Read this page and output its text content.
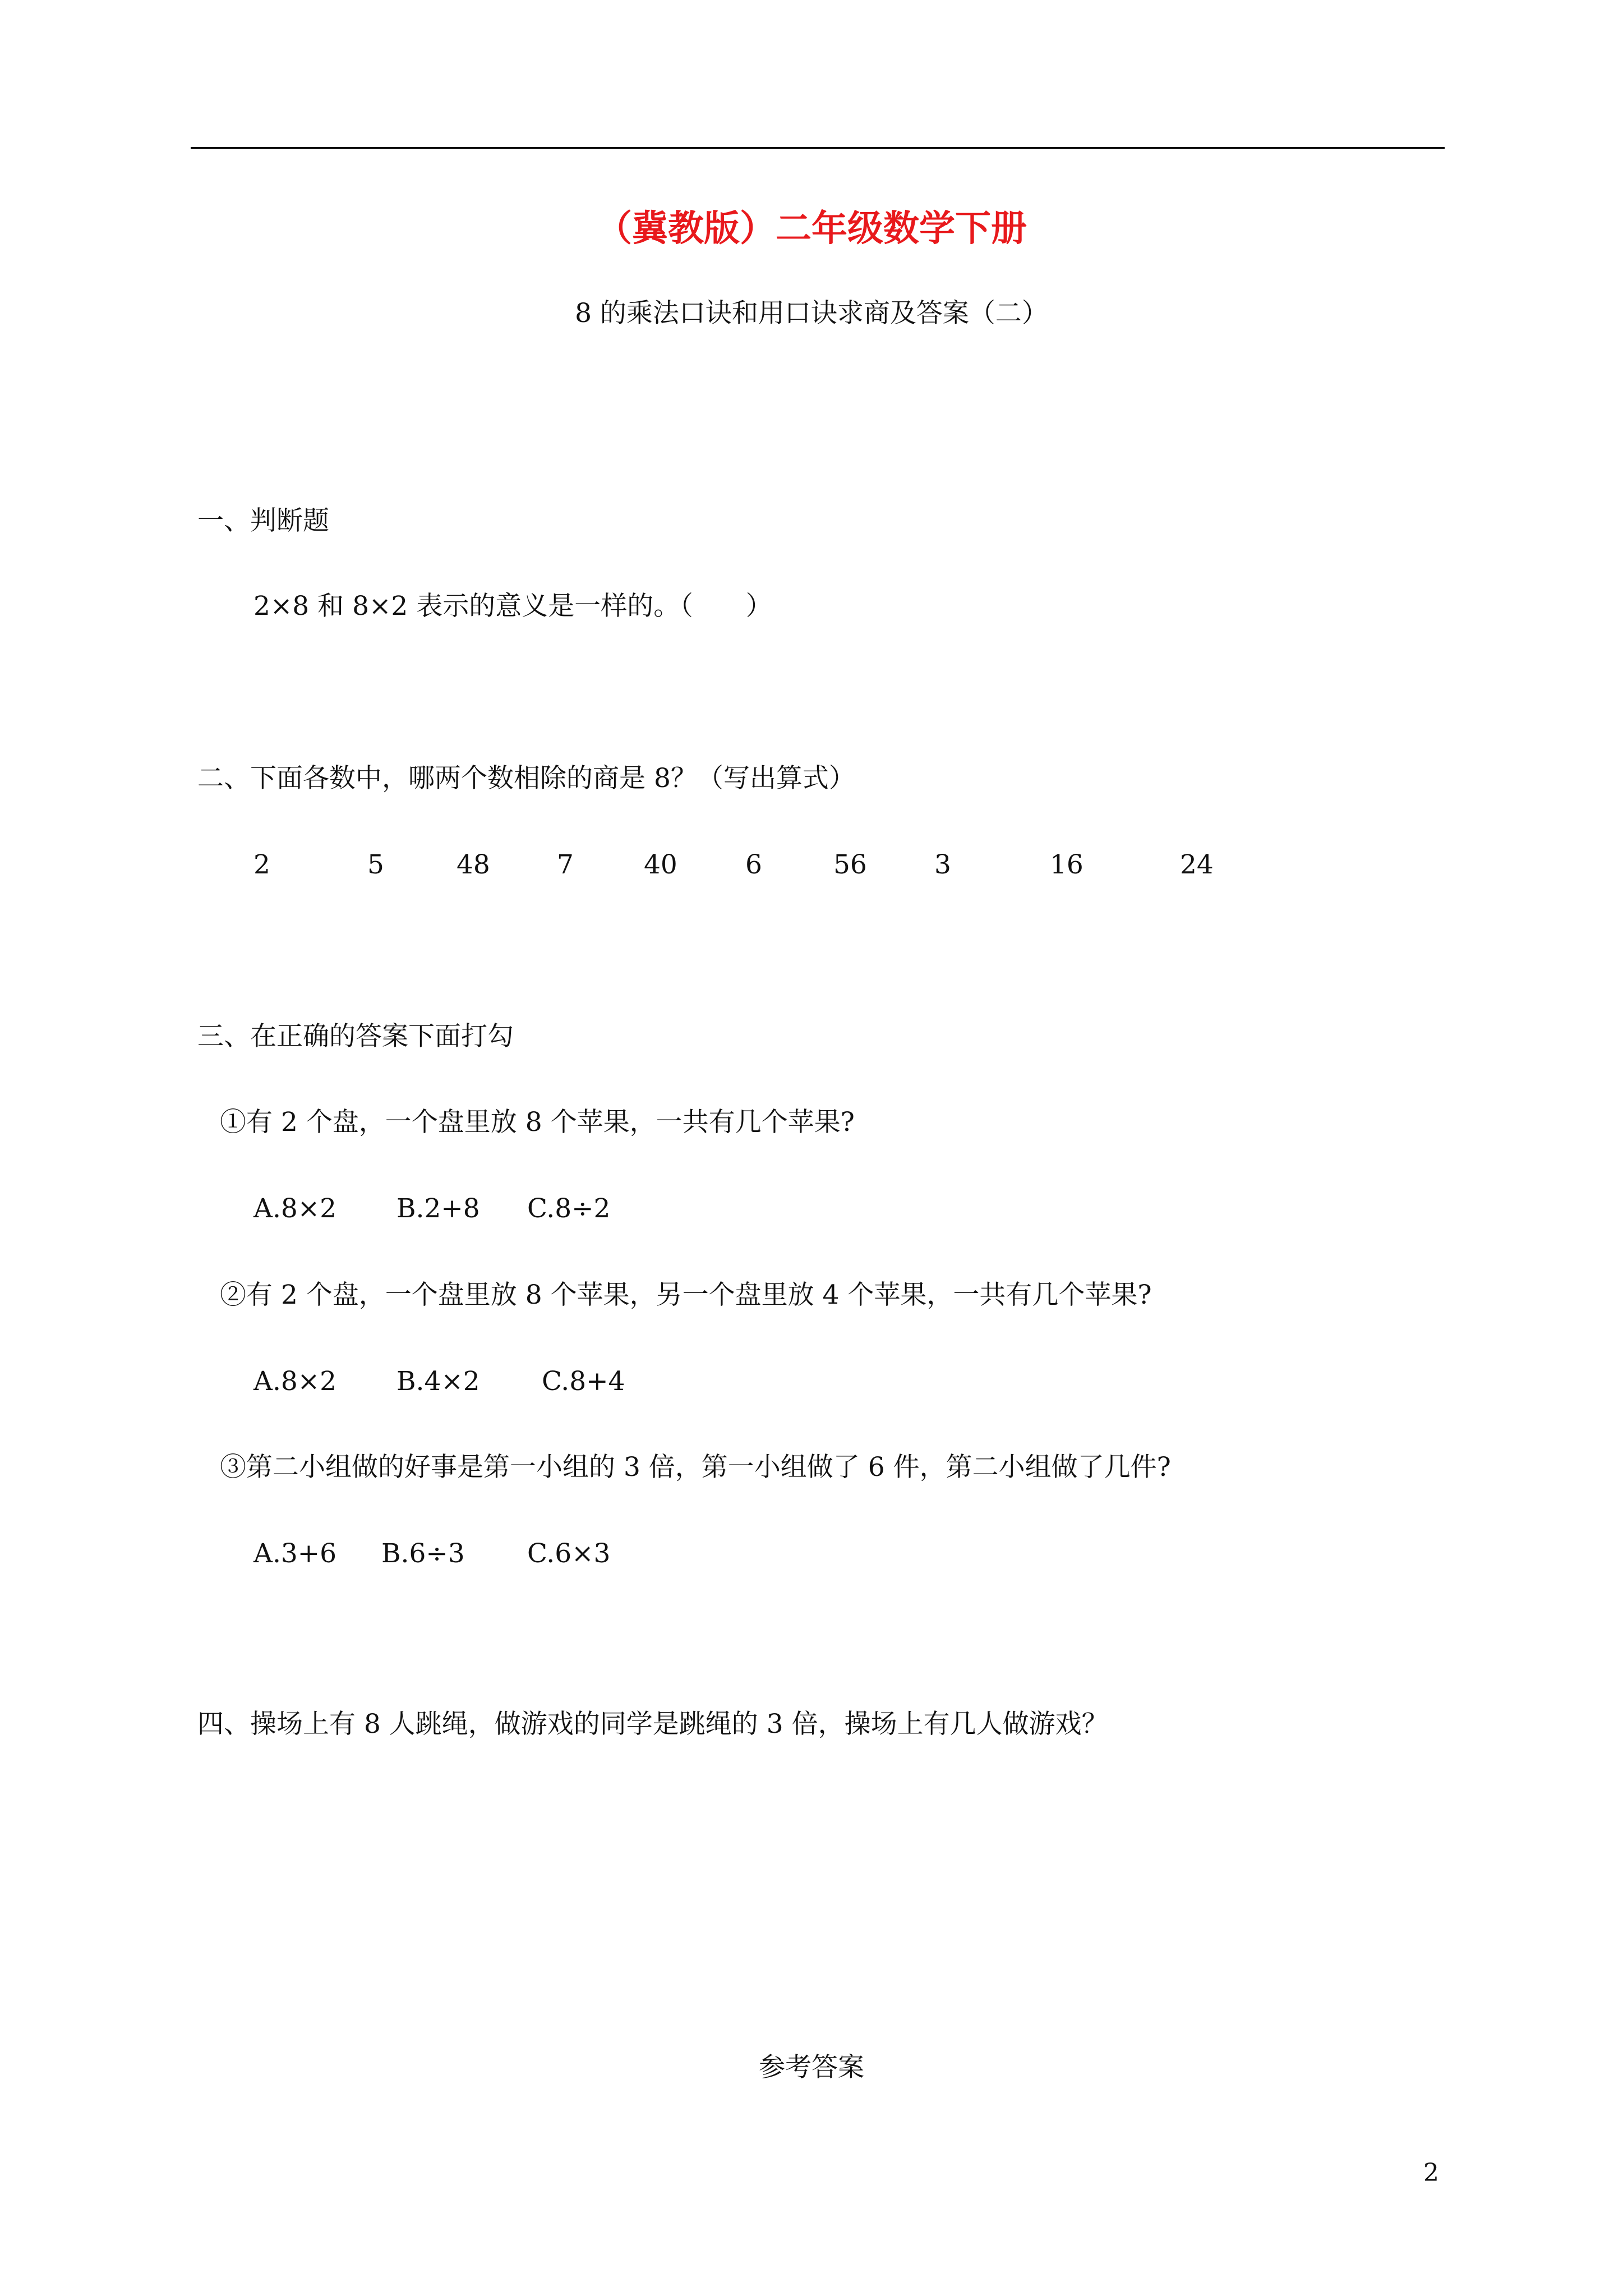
（冀教版）二年级数学下册
8 的乘法口诀和用口诀求商及答案（二）
一、判断题
2×8 和 8×2 表示的意义是一样的。（　　）
二、下面各数中，哪两个数相除的商是 8？（写出算式）
2	5	48	7	40	6	56	3	16	24
三、在正确的答案下面打勾
①有 2 个盘，一个盘里放 8 个苹果，一共有几个苹果?
A.8×2 B.2+8 C.8÷2
②有 2 个盘，一个盘里放 8 个苹果，另一个盘里放 4 个苹果，一共有几个苹果?
A.8×2 B.4×2 C.8+4
③第二小组做的好事是第一小组的 3 倍，第一小组做了 6 件，第二小组做了几件?
A.3+6 B.6÷3 C.6×3
四、操场上有 8 人跳绳，做游戏的同学是跳绳的 3 倍，操场上有几人做游戏？
参考答案
2
